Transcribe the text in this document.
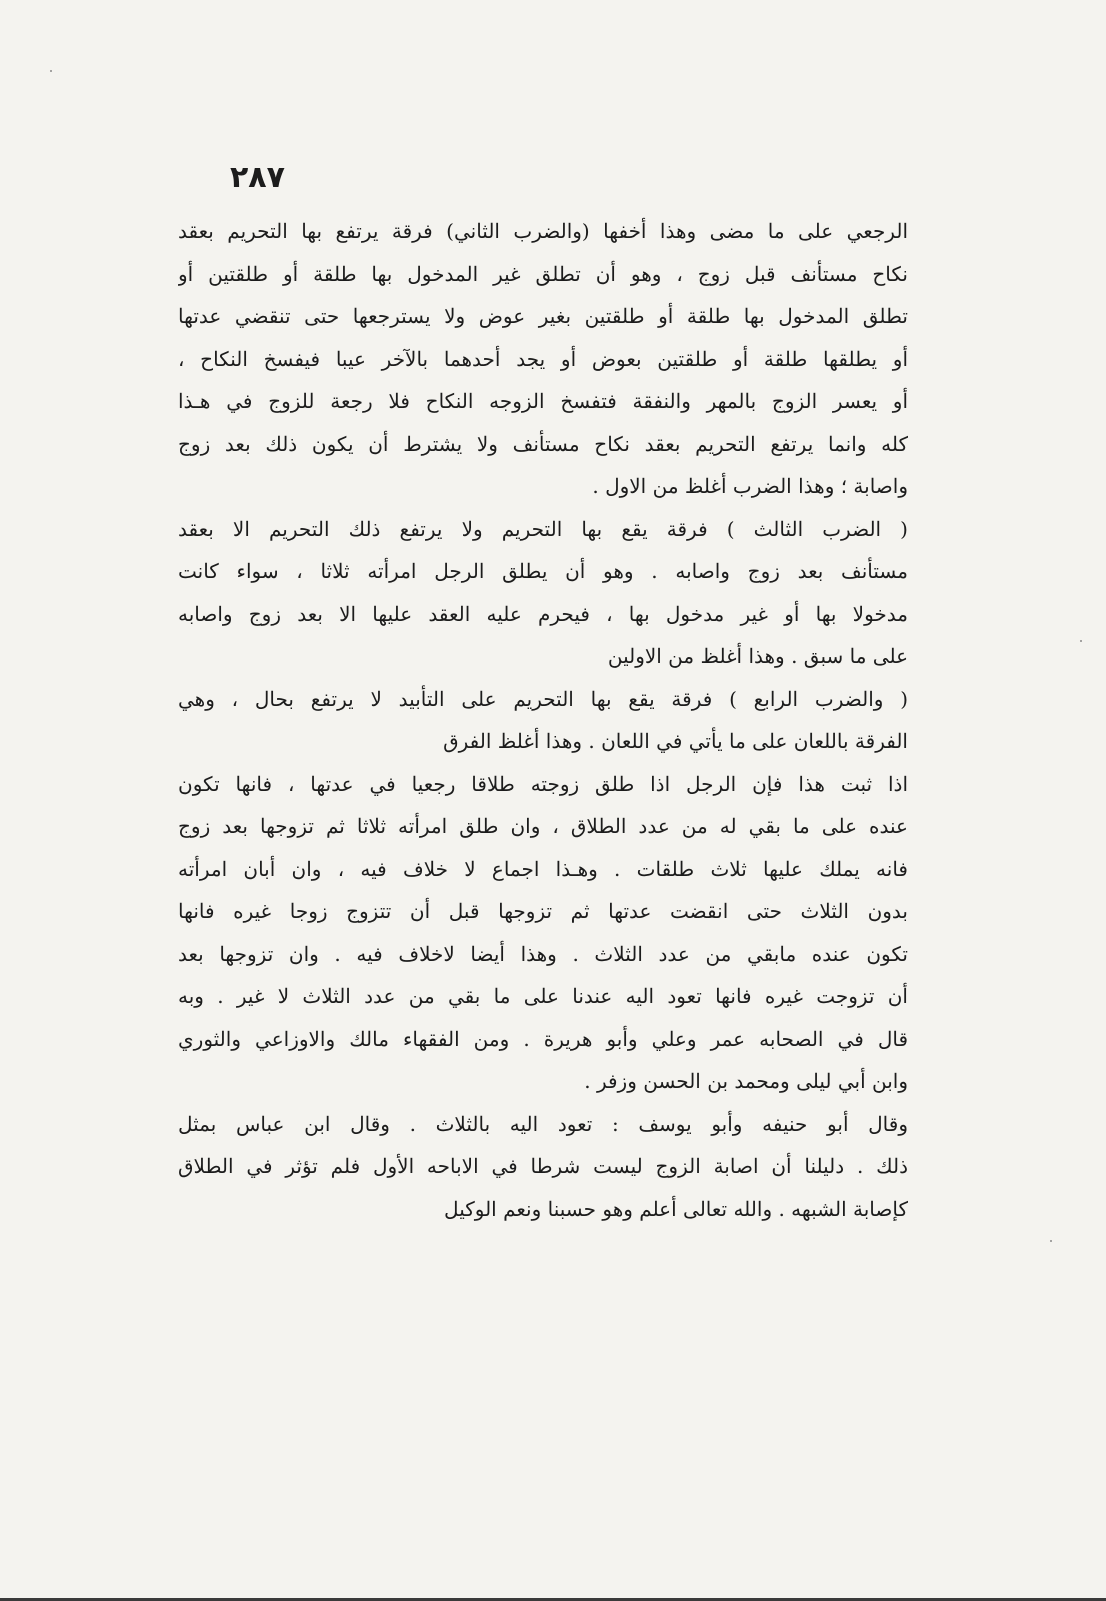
٢٨٧
الرجعي على ما مضى وهذا أخفها (والضرب الثاني) فرقة يرتفع بها التحريم بعقد
نكاح مستأنف قبل زوج ، وهو أن تطلق غير المدخول بها طلقة أو طلقتين أو
تطلق المدخول بها طلقة أو طلقتين بغير عوض ولا يسترجعها حتى تنقضي عدتها
أو يطلقها طلقة أو طلقتين بعوض أو يجد أحدهما بالآخر عيبا فيفسخ النكاح ،
أو يعسر الزوج بالمهر والنفقة فتفسخ الزوجه النكاح فلا رجعة للزوج في هـذا
كله وانما يرتفع التحريم بعقد نكاح مستأنف ولا يشترط أن يكون ذلك بعد زوج
واصابة ؛ وهذا الضرب أغلظ من الاول .
( الضرب الثالث ) فرقة يقع بها التحريم ولا يرتفع ذلك التحريم الا بعقد
مستأنف بعد زوج واصابه . وهو أن يطلق الرجل امرأته ثلاثا ، سواء كانت
مدخولا بها أو غير مدخول بها ، فيحرم عليه العقد عليها الا بعد زوج واصابه
على ما سبق . وهذا أغلظ من الاولين
( والضرب الرابع ) فرقة يقع بها التحريم على التأبيد لا يرتفع بحال ، وهي
الفرقة باللعان على ما يأتي في اللعان . وهذا أغلظ الفرق
اذا ثبت هذا فإن الرجل اذا طلق زوجته طلاقا رجعيا في عدتها ، فانها تكون
عنده على ما بقي له من عدد الطلاق ، وان طلق امرأته ثلاثا ثم تزوجها بعد زوج
فانه يملك عليها ثلاث طلقات . وهـذا اجماع لا خلاف فيه ، وان أبان امرأته
بدون الثلاث حتى انقضت عدتها ثم تزوجها قبل أن تتزوج زوجا غيره فانها
تكون عنده مابقي من عدد الثلاث . وهذا أيضا لاخلاف فيه . وان تزوجها بعد
أن تزوجت غيره فانها تعود اليه عندنا على ما بقي من عدد الثلاث لا غير . وبه
قال في الصحابه عمر وعلي وأبو هريرة . ومن الفقهاء مالك والاوزاعي والثوري
وابن أبي ليلى ومحمد بن الحسن وزفر .
وقال أبو حنيفه وأبو يوسف : تعود اليه بالثلاث . وقال ابن عباس بمثل
ذلك . دليلنا أن اصابة الزوج ليست شرطا في الاباحه الأول فلم تؤثر في الطلاق
كإصابة الشبهه . والله تعالى أعلم وهو حسبنا ونعم الوكيل
